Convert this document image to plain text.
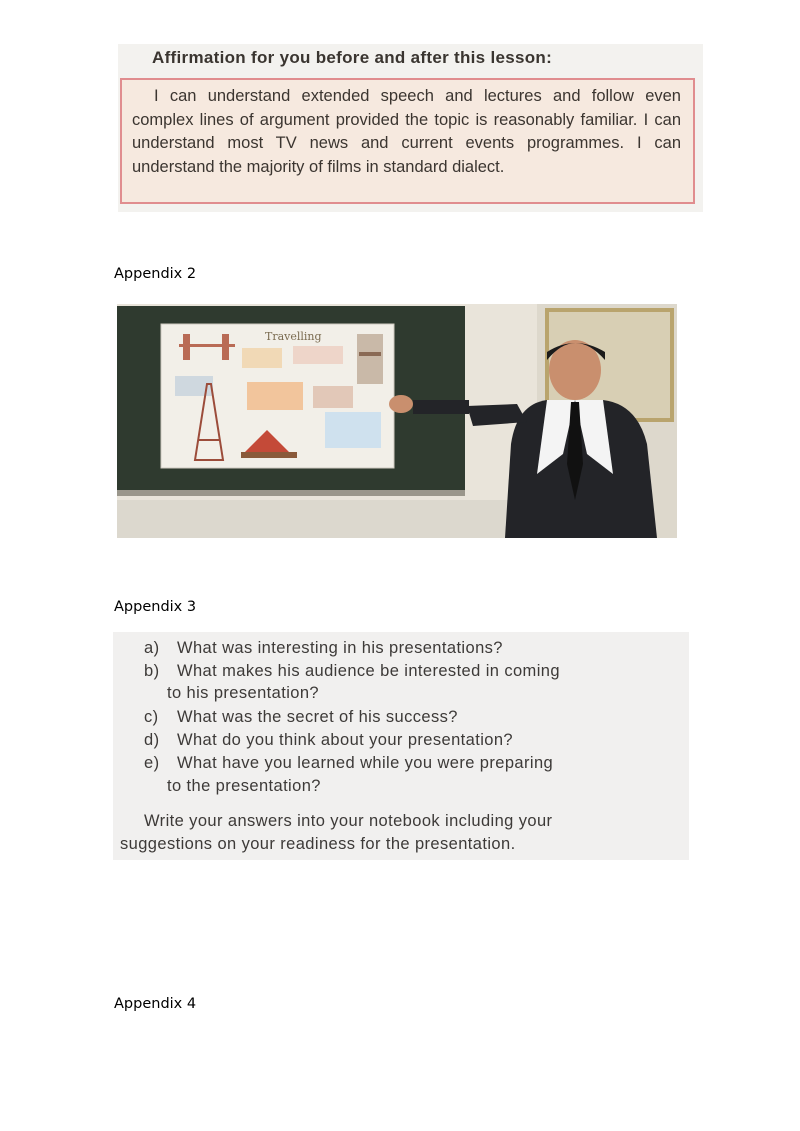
Affirmation for you before and after this lesson:

I can understand extended speech and lectures and follow even complex lines of argument provided the topic is reasonably familiar. I can understand most TV news and current events programmes. I can understand the majority of films in standard dialect.

Appendix 2
Travelling
Appendix 3
a) What was interesting in his presentations?
b) What makes his audience be interested in coming
to his presentation?
c) What was the secret of his success?
d) What do you think about your presentation?
e) What have you learned while you were preparing
to the presentation?
Write your answers into your notebook including your
suggestions on your readiness for the presentation.
Appendix 4
